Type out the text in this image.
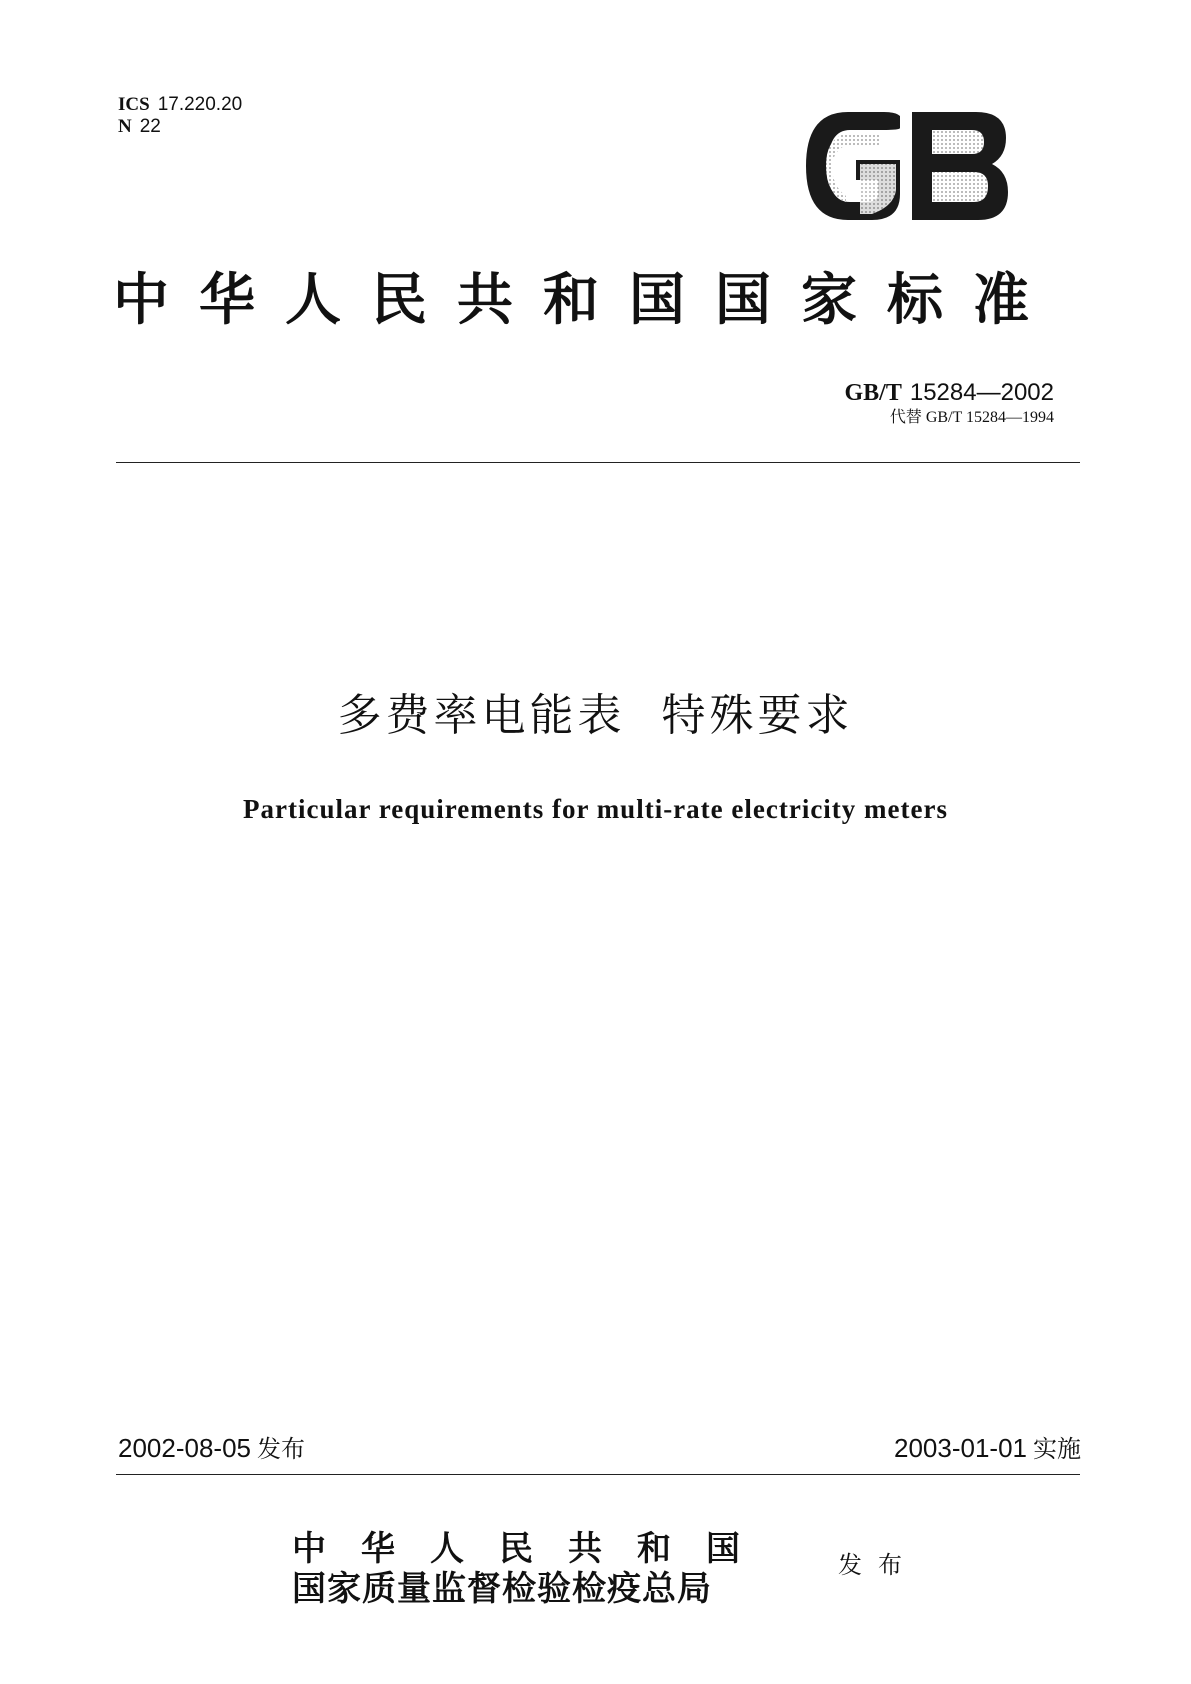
ICS 17.220.20
N 22
中华人民共和国国家标准
GB/T 15284—2002
代替 GB/T 15284—1994
多费率电能表  特殊要求
Particular requirements for multi-rate electricity meters
2002-08-05 发布	2003-01-01 实施
中华人民共和国
国家质量监督检验检疫总局
发布
